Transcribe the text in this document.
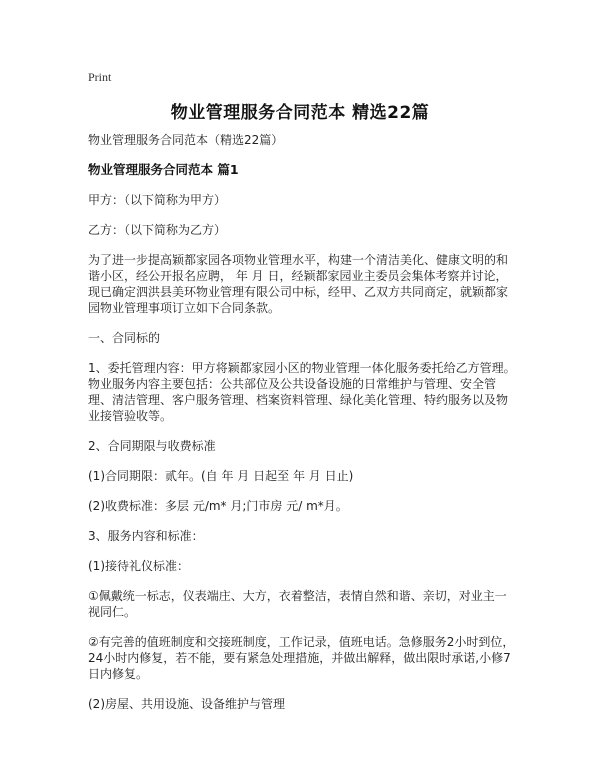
Print
物业管理服务合同范本 精选22篇

物业管理服务合同范本（精选22篇）

物业管理服务合同范本 篇1

甲方：（以下简称为甲方）

乙方：（以下简称为乙方）

为了进一步提高颖都家园各项物业管理水平，构建一个清洁美化、健康文明的和谐小区，经公开报名应聘， 年 月 日，经颖都家园业主委员会集体考察并讨论，现已确定泗洪县美环物业管理有限公司中标，经甲、乙双方共同商定，就颖都家园物业管理事项订立如下合同条款。

一、合同标的

1、委托管理内容：甲方将颖都家园小区的物业管理一体化服务委托给乙方管理。物业服务内容主要包括：公共部位及公共设备设施的日常维护与管理、安全管理、清洁管理、客户服务管理、档案资料管理、绿化美化管理、特约服务以及物业接管验收等。

2、合同期限与收费标准

(1)合同期限：贰年。(自 年 月 日起至 年 月 日止)

(2)收费标准：多层 元/m* 月;门市房 元/ m*月。

3、服务内容和标准：

(1)接待礼仪标准：

①佩戴统一标志，仪表端庄、大方，衣着整洁，表情自然和谐、亲切，对业主一视同仁。

②有完善的值班制度和交接班制度，工作记录，值班电话。急修服务2小时到位，24小时内修复，若不能，要有紧急处理措施，并做出解释，做出限时承诺,小修7日内修复。

(2)房屋、共用设施、设备维护与管理
